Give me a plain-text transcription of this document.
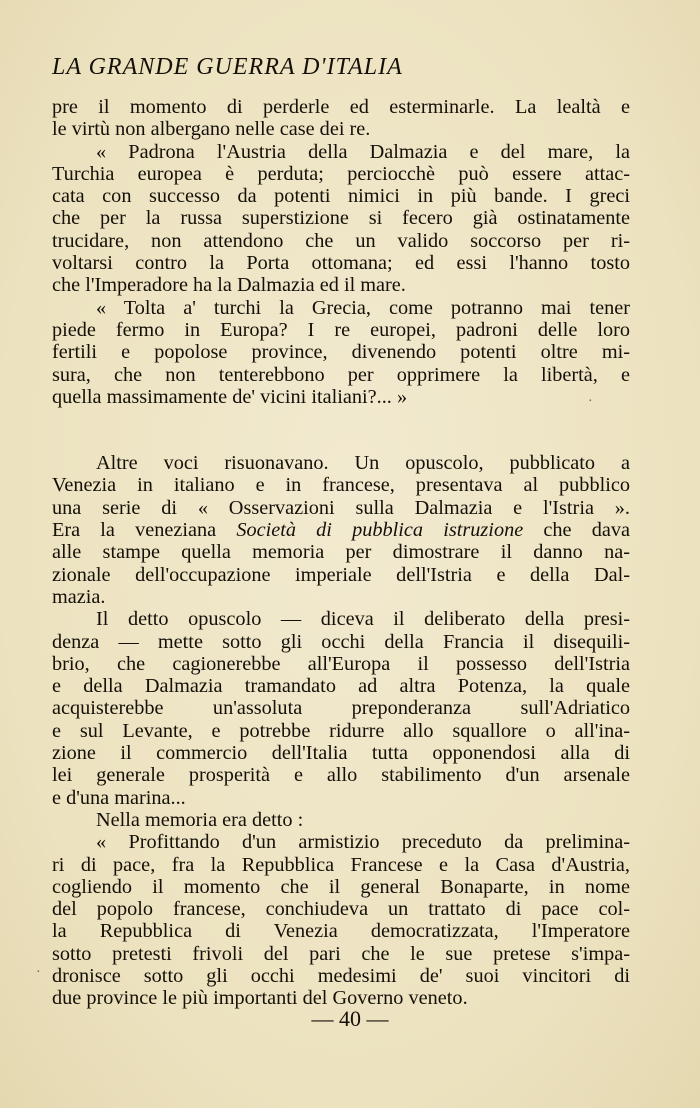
LA GRANDE GUERRA D'ITALIA
pre il momento di perderle ed esterminarle. La lealtà e
le virtù non albergano nelle case dei re.
« Padrona l'Austria della Dalmazia e del mare, la
Turchia europea è perduta; perciocchè può essere attac-
cata con successo da potenti nimici in più bande. I greci
che per la russa superstizione si fecero già ostinatamente
trucidare, non attendono che un valido soccorso per ri-
voltarsi contro la Porta ottomana; ed essi l'hanno tosto
che l'Imperadore ha la Dalmazia ed il mare.
« Tolta a' turchi la Grecia, come potranno mai tener
piede fermo in Europa? I re europei, padroni delle loro
fertili e popolose province, divenendo potenti oltre mi-
sura, che non tenterebbono per opprimere la libertà, e
quella massimamente de' vicini italiani?... »
Altre voci risuonavano. Un opuscolo, pubblicato a
Venezia in italiano e in francese, presentava al pubblico
una serie di « Osservazioni sulla Dalmazia e l'Istria ».
Era la veneziana Società di pubblica istruzione che dava
alle stampe quella memoria per dimostrare il danno na-
zionale dell'occupazione imperiale dell'Istria e della Dal-
mazia.
Il detto opuscolo — diceva il deliberato della presi-
denza — mette sotto gli occhi della Francia il disequili-
brio, che cagionerebbe all'Europa il possesso dell'Istria
e della Dalmazia tramandato ad altra Potenza, la quale
acquisterebbe un'assoluta preponderanza sull'Adriatico
e sul Levante, e potrebbe ridurre allo squallore o all'ina-
zione il commercio dell'Italia tutta opponendosi alla di
lei generale prosperità e allo stabilimento d'un arsenale
e d'una marina...
Nella memoria era detto :
« Profittando d'un armistizio preceduto da prelimina-
ri di pace, fra la Repubblica Francese e la Casa d'Austria,
cogliendo il momento che il general Bonaparte, in nome
del popolo francese, conchiudeva un trattato di pace col-
la Repubblica di Venezia democratizzata, l'Imperatore
sotto pretesti frivoli del pari che le sue pretese s'impa-
dronisce sotto gli occhi medesimi de' suoi vincitori di
due province le più importanti del Governo veneto.
·
·
— 40 —
